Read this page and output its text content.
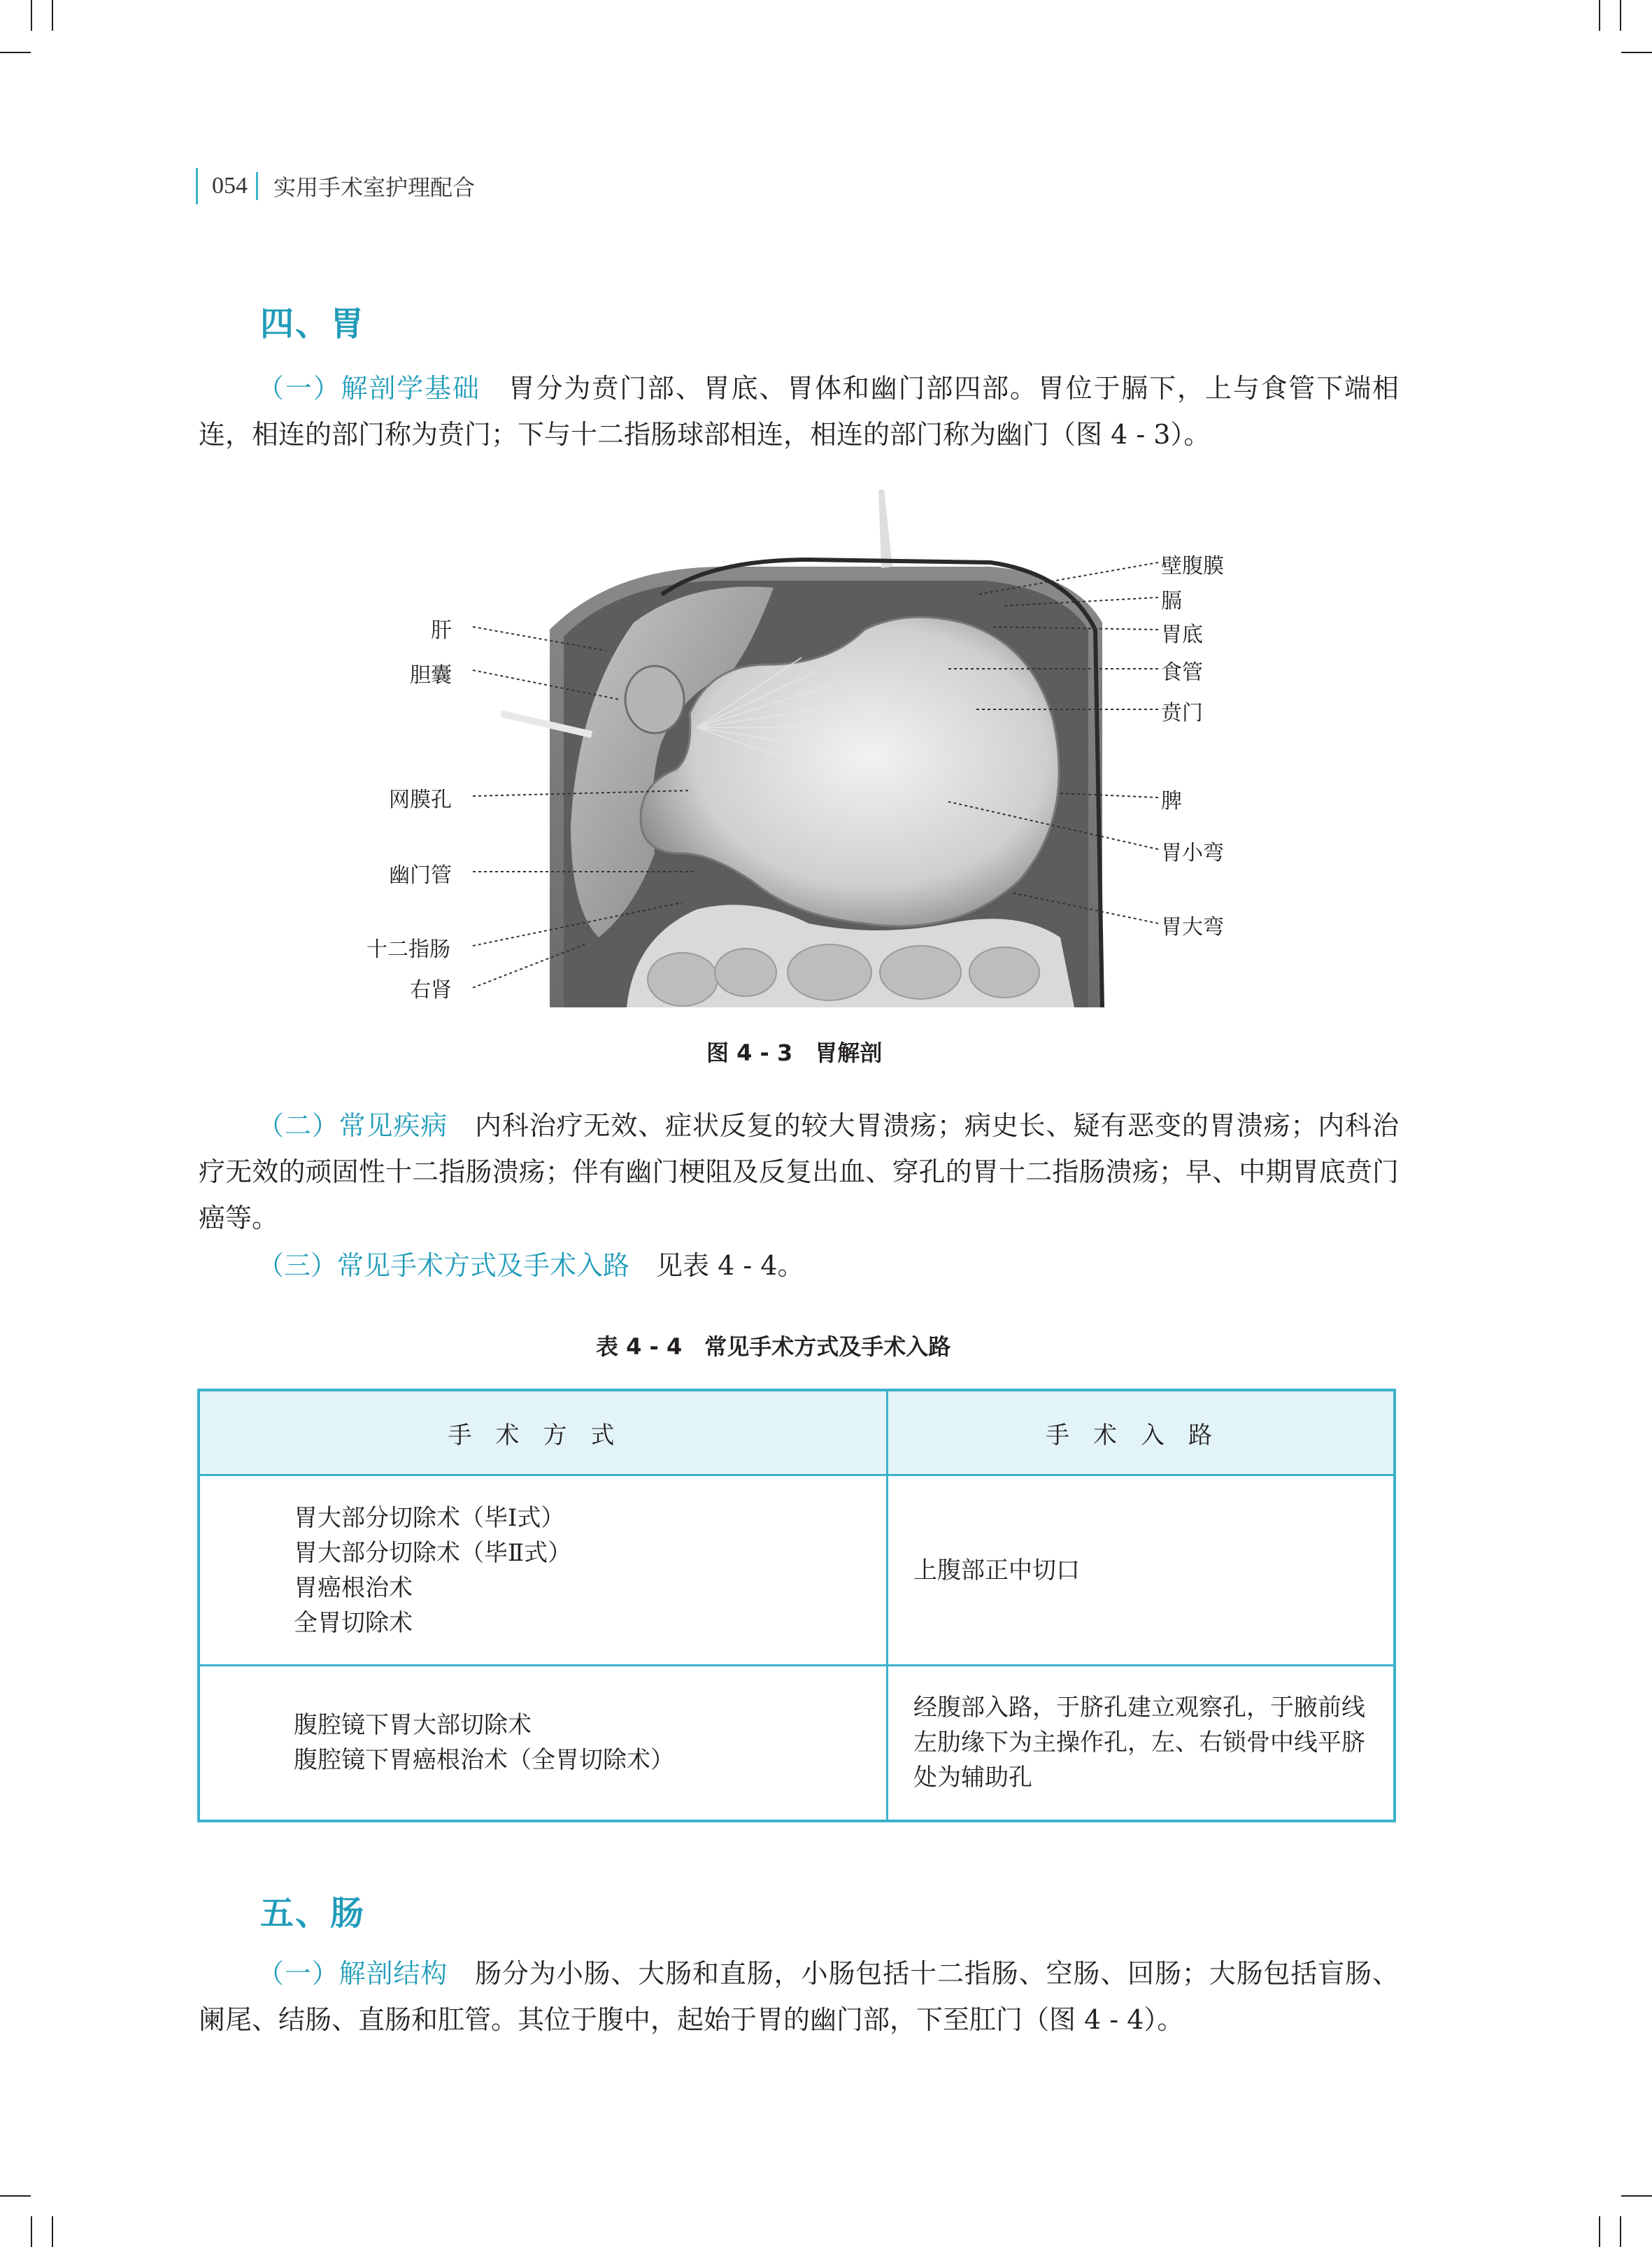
054 实用手术室护理配合
四、胃
（一）解剖学基础  胃分为贲门部、胃底、胃体和幽门部四部。胃位于膈下，上与食管下端相连，相连的部门称为贲门；下与十二指肠球部相连，相连的部门称为幽门（图 4 - 3）。
肝
胆囊
网膜孔
幽门管
十二指肠
右肾
壁腹膜
膈
胃底
食管
贲门
脾
胃小弯
胃大弯
图 4 - 3　胃解剖
（二）常见疾病  内科治疗无效、症状反复的较大胃溃疡；病史长、疑有恶变的胃溃疡；内科治疗无效的顽固性十二指肠溃疡；伴有幽门梗阻及反复出血、穿孔的胃十二指肠溃疡；早、中期胃底贲门癌等。
（三）常见手术方式及手术入路  见表 4 - 4。
表 4 - 4　常见手术方式及手术入路
手术方式	手术入路

胃大部分切除术（毕Ⅰ式）
胃大部分切除术（毕Ⅱ式）
胃癌根治术
全胃切除术	上腹部正中切口

腹腔镜下胃大部切除术
腹腔镜下胃癌根治术（全胃切除术）	经腹部入路，于脐孔建立观察孔，于腋前线左肋缘下为主操作孔，左、右锁骨中线平脐处为辅助孔
五、肠
（一）解剖结构  肠分为小肠、大肠和直肠，小肠包括十二指肠、空肠、回肠；大肠包括盲肠、阑尾、结肠、直肠和肛管。其位于腹中，起始于胃的幽门部，下至肛门（图 4 - 4）。
